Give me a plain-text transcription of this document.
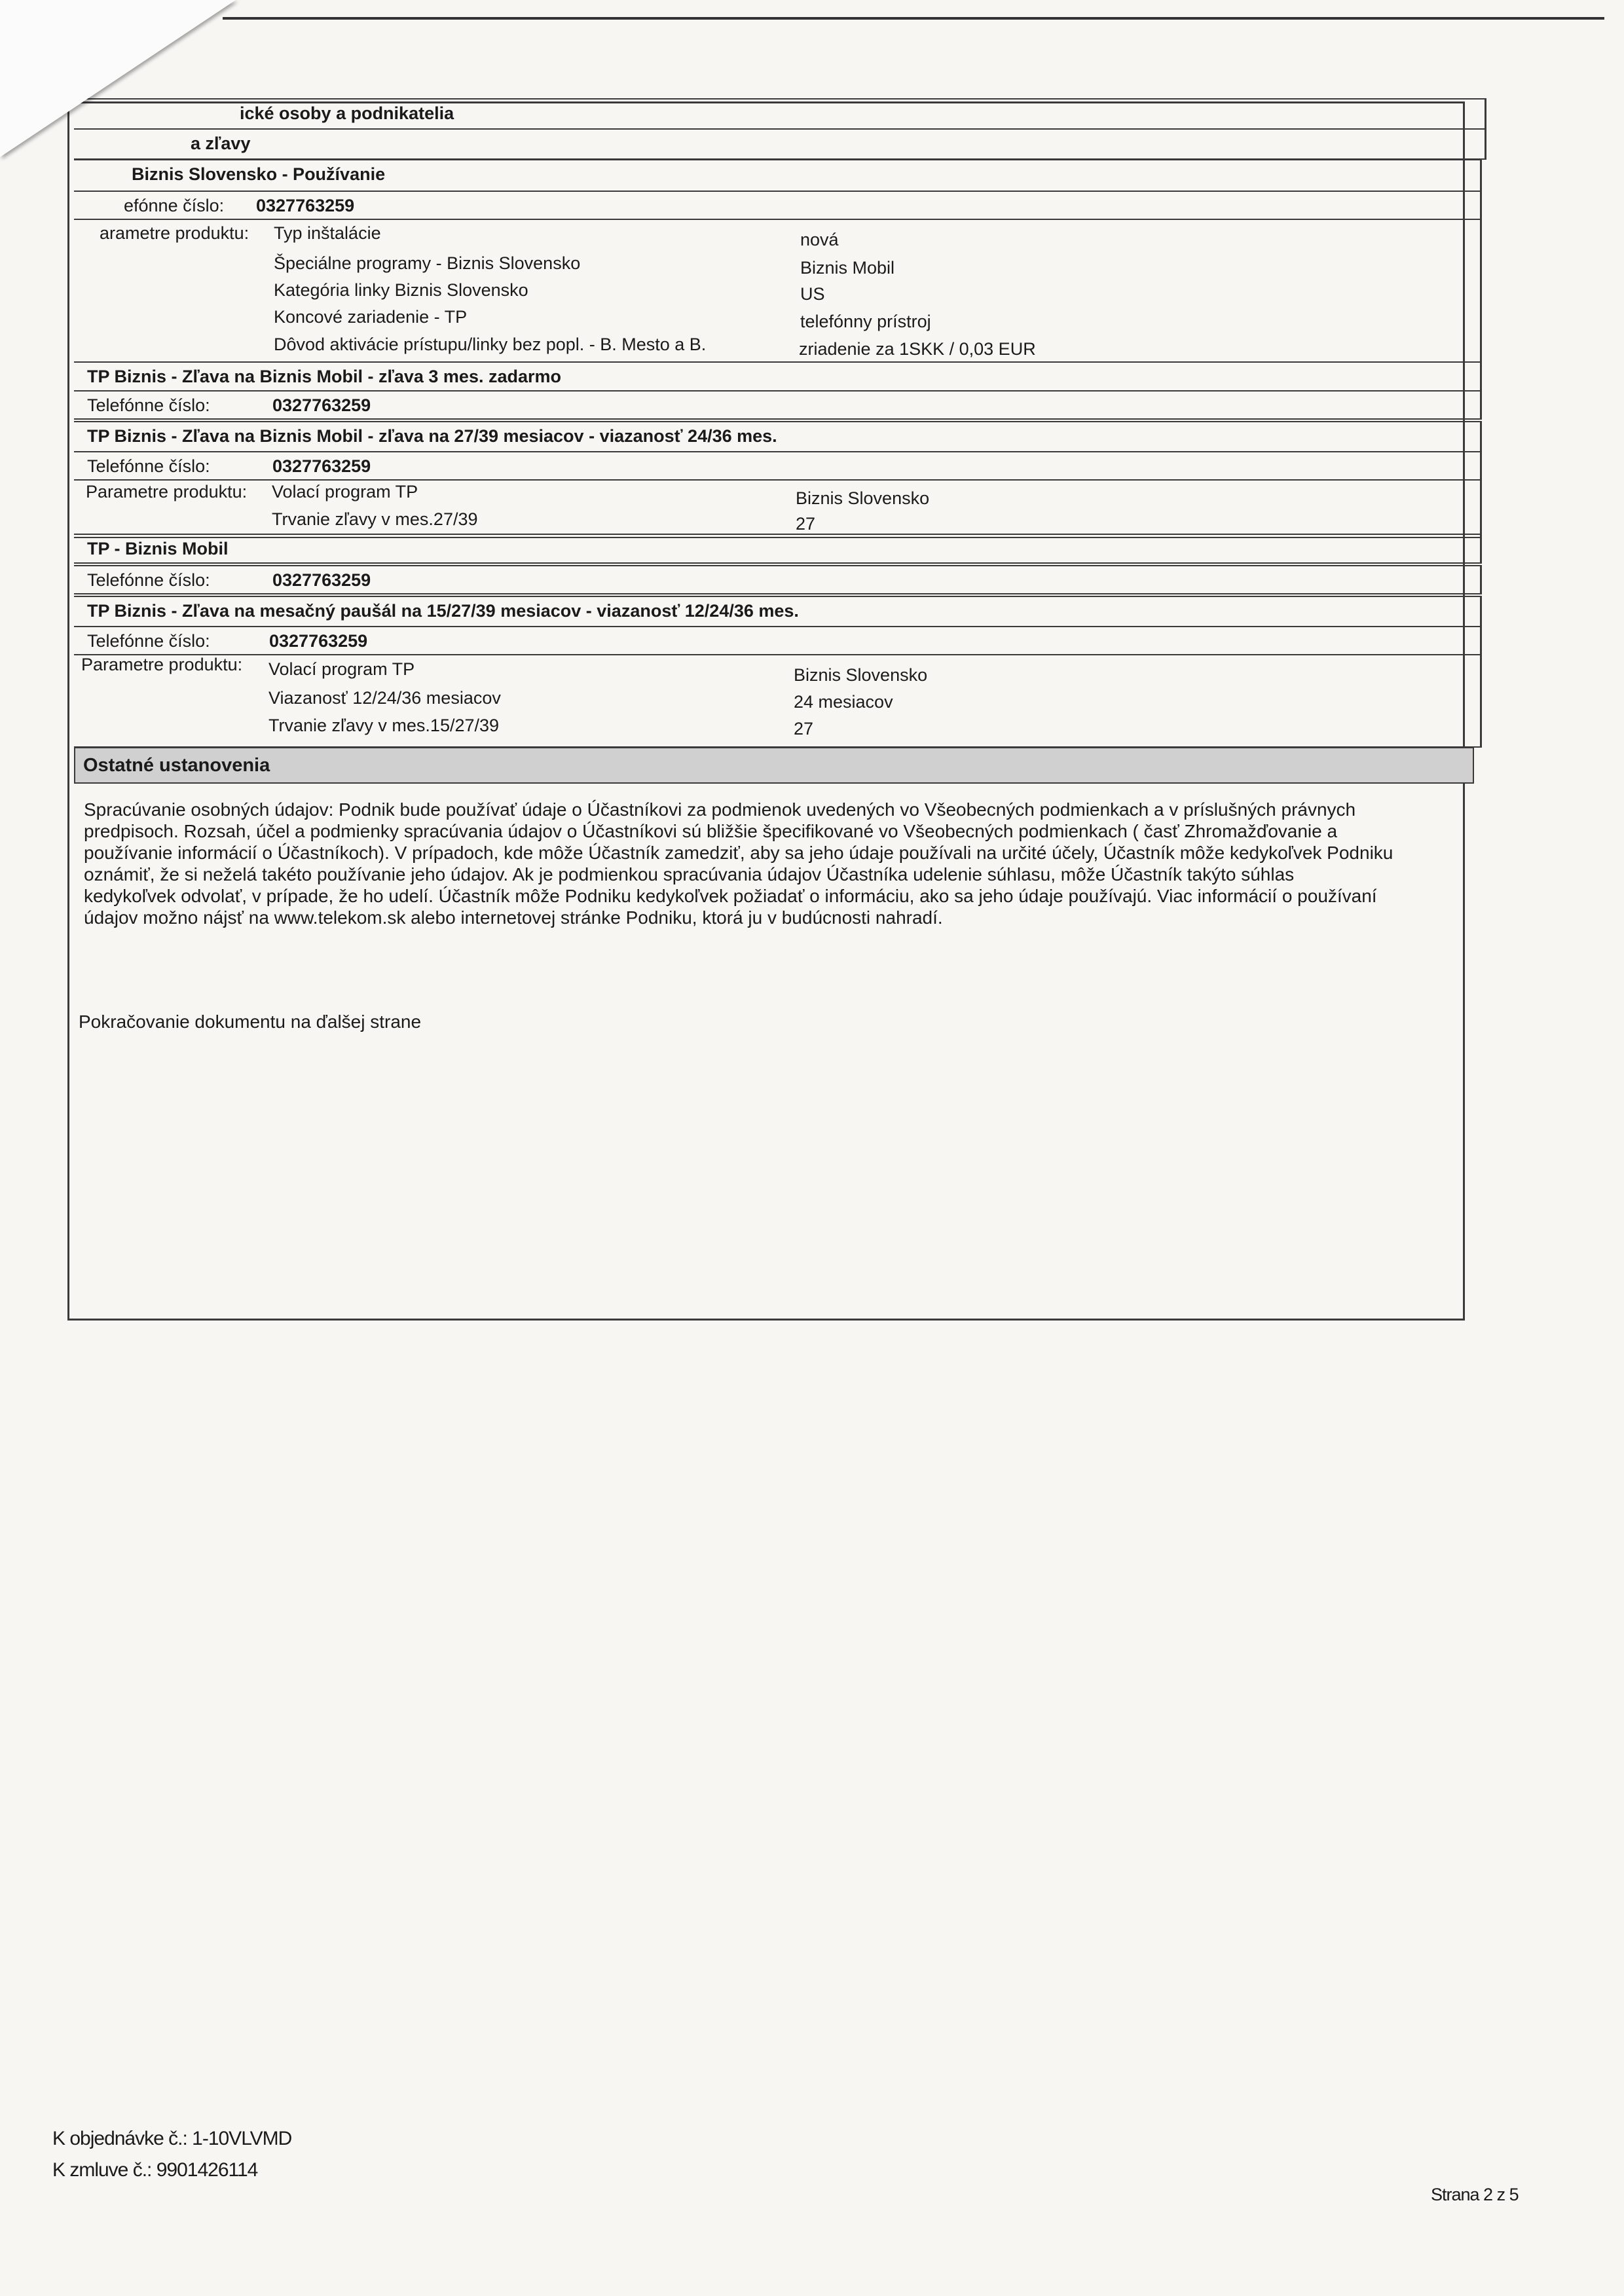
ické osoby a podnikatelia
a zľavy
Biznis Slovensko - Používanie
efónne číslo: 0327763259
arametre produktu: Typ inštalácie	nová
Špeciálne programy - Biznis Slovensko	Biznis Mobil
Kategória linky Biznis Slovensko	US
Koncové zariadenie - TP	telefónny prístroj
Dôvod aktivácie prístupu/linky bez popl. - B. Mesto a B.	zriadenie za 1SKK / 0,03 EUR
TP Biznis - Zľava na Biznis Mobil - zľava 3 mes. zadarmo
Telefónne číslo:	0327763259
TP Biznis - Zľava na Biznis Mobil - zľava na 27/39 mesiacov - viazanosť 24/36 mes.
Telefónne číslo:	0327763259
Parametre produktu: Volací program TP	Biznis Slovensko
Trvanie zľavy v mes.27/39	27
TP - Biznis Mobil
Telefónne číslo:	0327763259
TP Biznis - Zľava na mesačný paušál na 15/27/39 mesiacov - viazanosť 12/24/36 mes.
Telefónne číslo:	0327763259
Parametre produktu: Volací program TP	Biznis Slovensko
Viazanosť 12/24/36 mesiacov	24 mesiacov
Trvanie zľavy v mes.15/27/39	27
Ostatné ustanovenia
Spracúvanie osobných údajov: Podnik bude používať údaje o Účastníkovi za podmienok uvedených vo Všeobecných podmienkach a v príslušných právnych
predpisoch. Rozsah, účel a podmienky spracúvania údajov o Účastníkovi sú bližšie špecifikované vo Všeobecných podmienkach ( časť Zhromažďovanie a
používanie informácií o Účastníkoch). V prípadoch, kde môže Účastník zamedziť, aby sa jeho údaje používali na určité účely, Účastník môže kedykoľvek Podniku
oznámiť, že si neželá takéto používanie jeho údajov. Ak je podmienkou spracúvania údajov Účastníka udelenie súhlasu, môže Účastník takýto súhlas
kedykoľvek odvolať, v prípade, že ho udelí. Účastník môže Podniku kedykoľvek požiadať o informáciu, ako sa jeho údaje používajú. Viac informácií o používaní
údajov možno nájsť na www.telekom.sk alebo internetovej stránke Podniku, ktorá ju v budúcnosti nahradí.
Pokračovanie dokumentu na ďalšej strane
K objednávke č.: 1-10VLVMD
K zmluve č.: 9901426114
Strana 2 z 5
